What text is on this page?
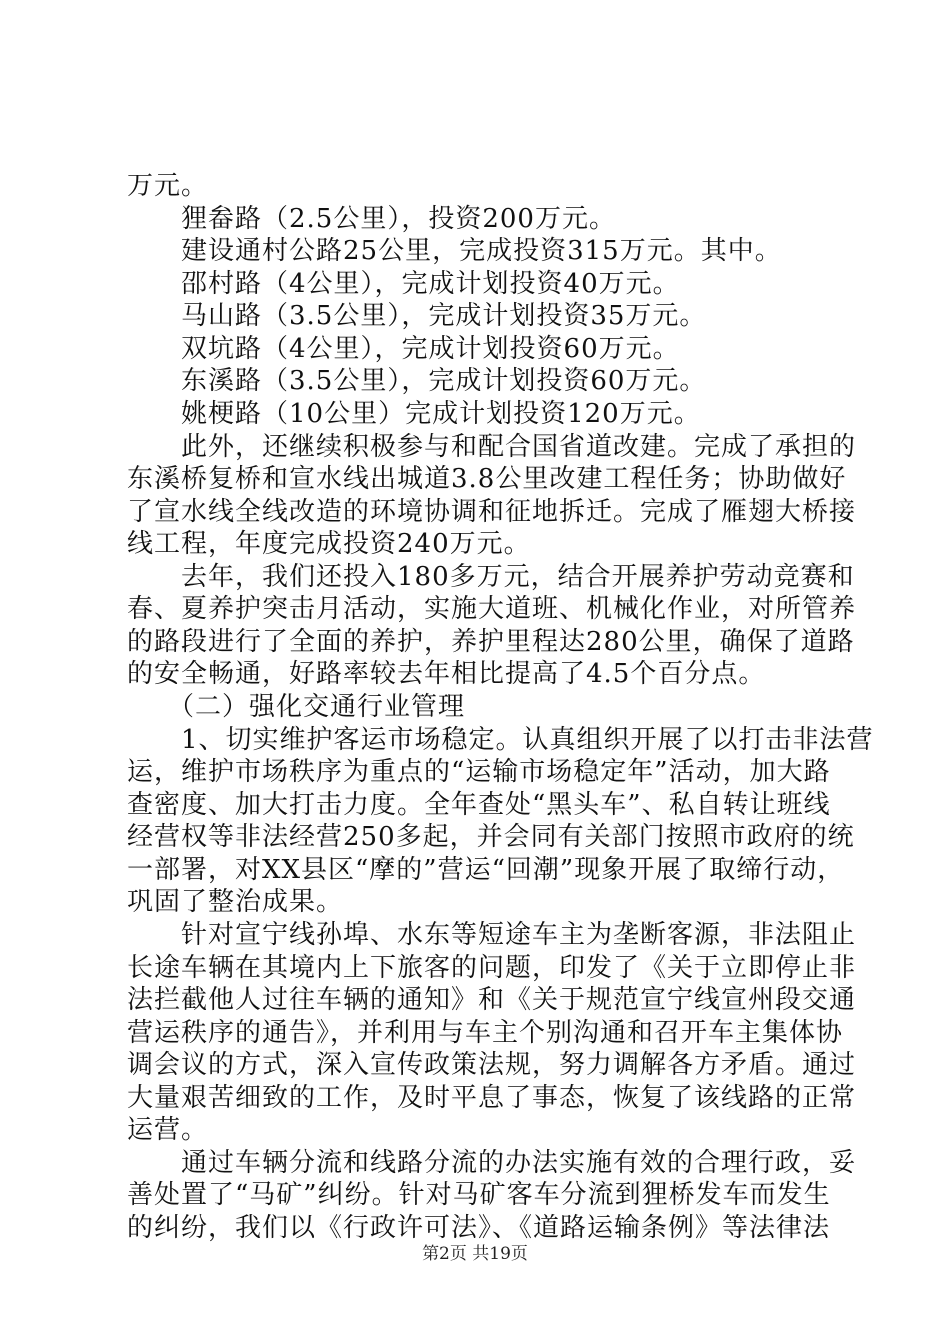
万元。
　　狸畚路（2.5公里），投资200万元。
　　建设通村公路25公里，完成投资315万元。其中。
　　邵村路（4公里），完成计划投资40万元。
　　马山路（3.5公里），完成计划投资35万元。
　　双坑路（4公里），完成计划投资60万元。
　　东溪路（3.5公里），完成计划投资60万元。
　　姚梗路（10公里）完成计划投资120万元。
　　此外，还继续积极参与和配合国省道改建。完成了承担的
东溪桥复桥和宣水线出城道3.8公里改建工程任务；协助做好
了宣水线全线改造的环境协调和征地拆迁。完成了雁翅大桥接
线工程，年度完成投资240万元。
　　去年，我们还投入180多万元，结合开展养护劳动竞赛和
春、夏养护突击月活动，实施大道班、机械化作业，对所管养
的路段进行了全面的养护，养护里程达280公里，确保了道路
的安全畅通，好路率较去年相比提高了4.5个百分点。
　　（二）强化交通行业管理
　　1、切实维护客运市场稳定。认真组织开展了以打击非法营
运，维护市场秩序为重点的“运输市场稳定年”活动，加大路
查密度、加大打击力度。全年查处“黑头车”、私自转让班线
经营权等非法经营250多起，并会同有关部门按照市政府的统
一部署，对XX县区“摩的”营运“回潮”现象开展了取缔行动，
巩固了整治成果。
　　针对宣宁线孙埠、水东等短途车主为垄断客源，非法阻止
长途车辆在其境内上下旅客的问题，印发了《关于立即停止非
法拦截他人过往车辆的通知》和《关于规范宣宁线宣州段交通
营运秩序的通告》，并利用与车主个别沟通和召开车主集体协
调会议的方式，深入宣传政策法规，努力调解各方矛盾。通过
大量艰苦细致的工作，及时平息了事态，恢复了该线路的正常
运营。
　　通过车辆分流和线路分流的办法实施有效的合理行政，妥
善处置了“马矿”纠纷。针对马矿客车分流到狸桥发车而发生
的纠纷，我们以《行政许可法》、《道路运输条例》等法律法
第2页 共19页
